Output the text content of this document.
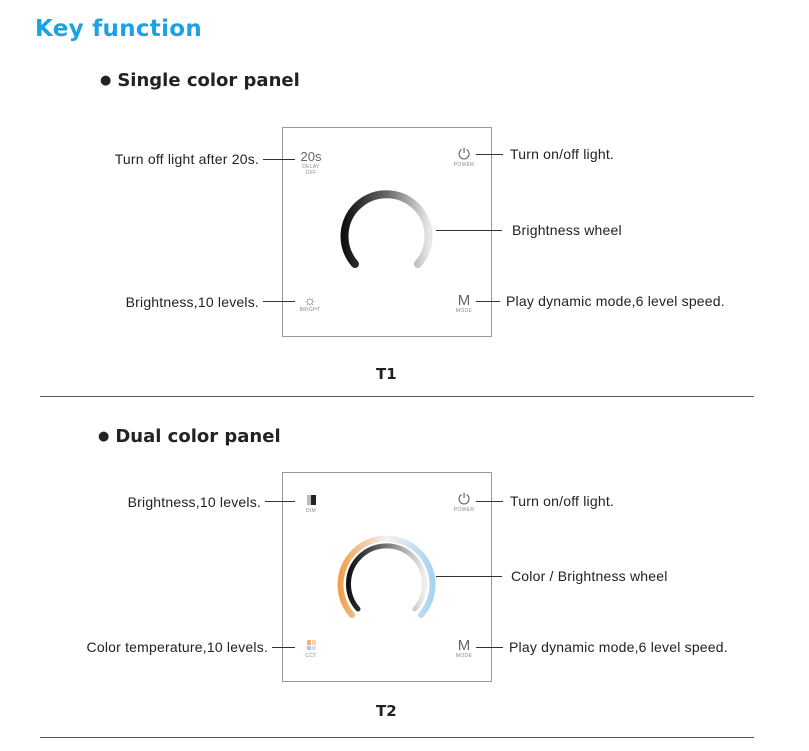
Key function
● Single color panel
20s
DELAY OFF
⏻
POWER
☼
BRIGHT
M
MODE
Turn off light after 20s.	Turn on/off light.
Brightness wheel
Brightness,10 levels.	Play dynamic mode,6 level speed.
T1
● Dual color panel
DIM
⏻
POWER
CCT
M
MODE
Brightness,10 levels.	Turn on/off light.
Color / Brightness wheel
Color temperature,10 levels.	Play dynamic mode,6 level speed.
T2
